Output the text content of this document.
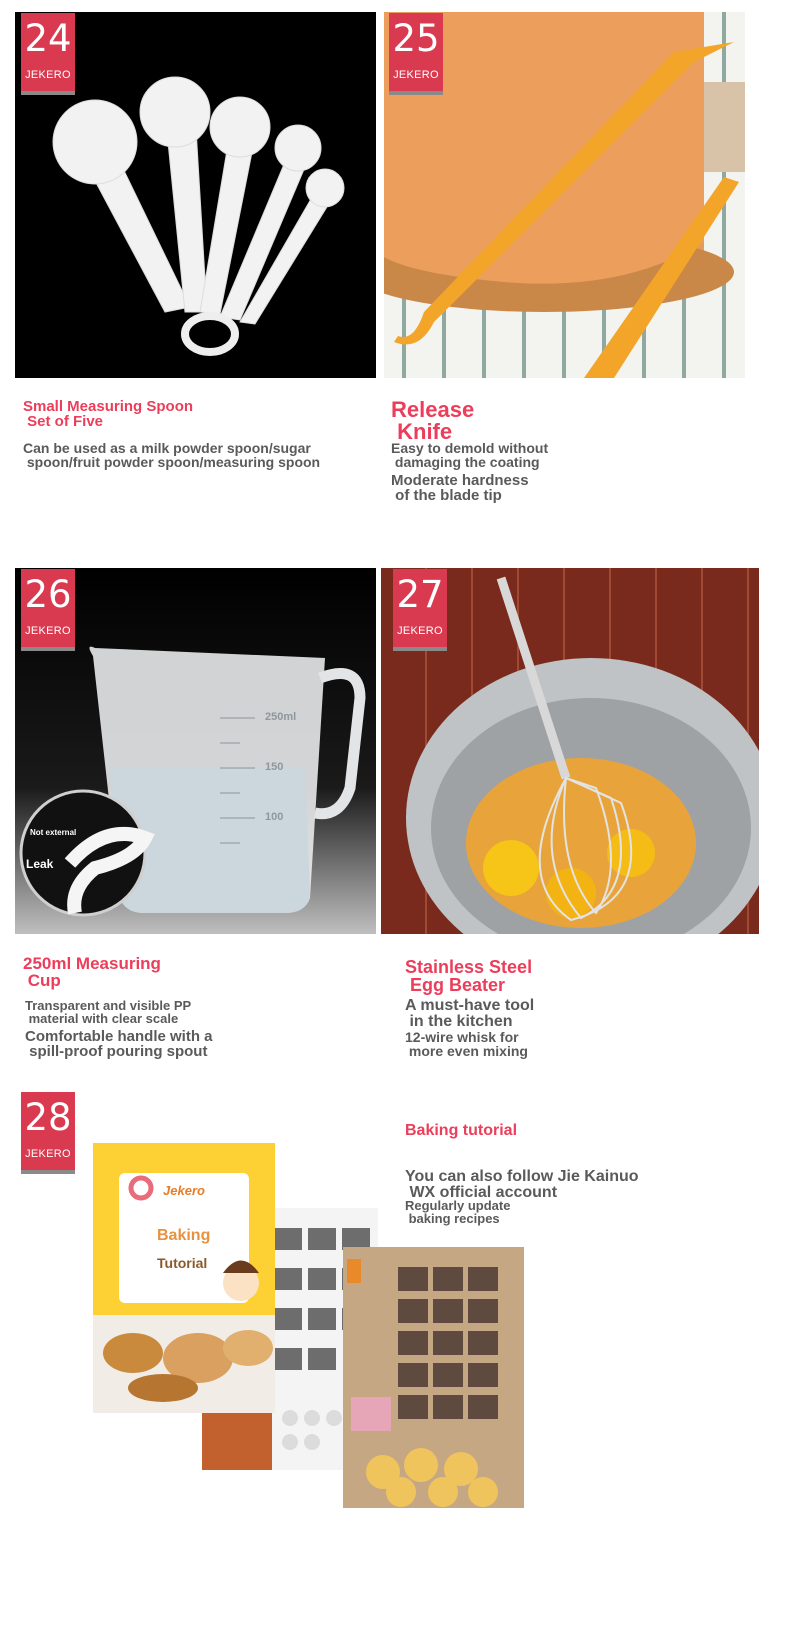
24
JEKERO
Small Measuring Spoon
Set of Five
Can be used as a milk powder spoon/sugar
spoon/fruit powder spoon/measuring spoon
25
JEKERO
Release
Knife
Easy to demold without
damaging the coating
Moderate hardness
of the blade tip
250ml
150
100
Not external
Leak
26
JEKERO
250ml Measuring
Cup
Transparent and visible PP
material with clear scale
Comfortable handle with a
spill-proof pouring spout
27
JEKERO
Stainless Steel
Egg Beater
A must-have tool
in the kitchen
12-wire whisk for
more even mixing
28
JEKERO
Jekero
Baking
Tutorial
Baking tutorial
You can also follow Jie Kainuo
WX official account
Regularly update
baking recipes
